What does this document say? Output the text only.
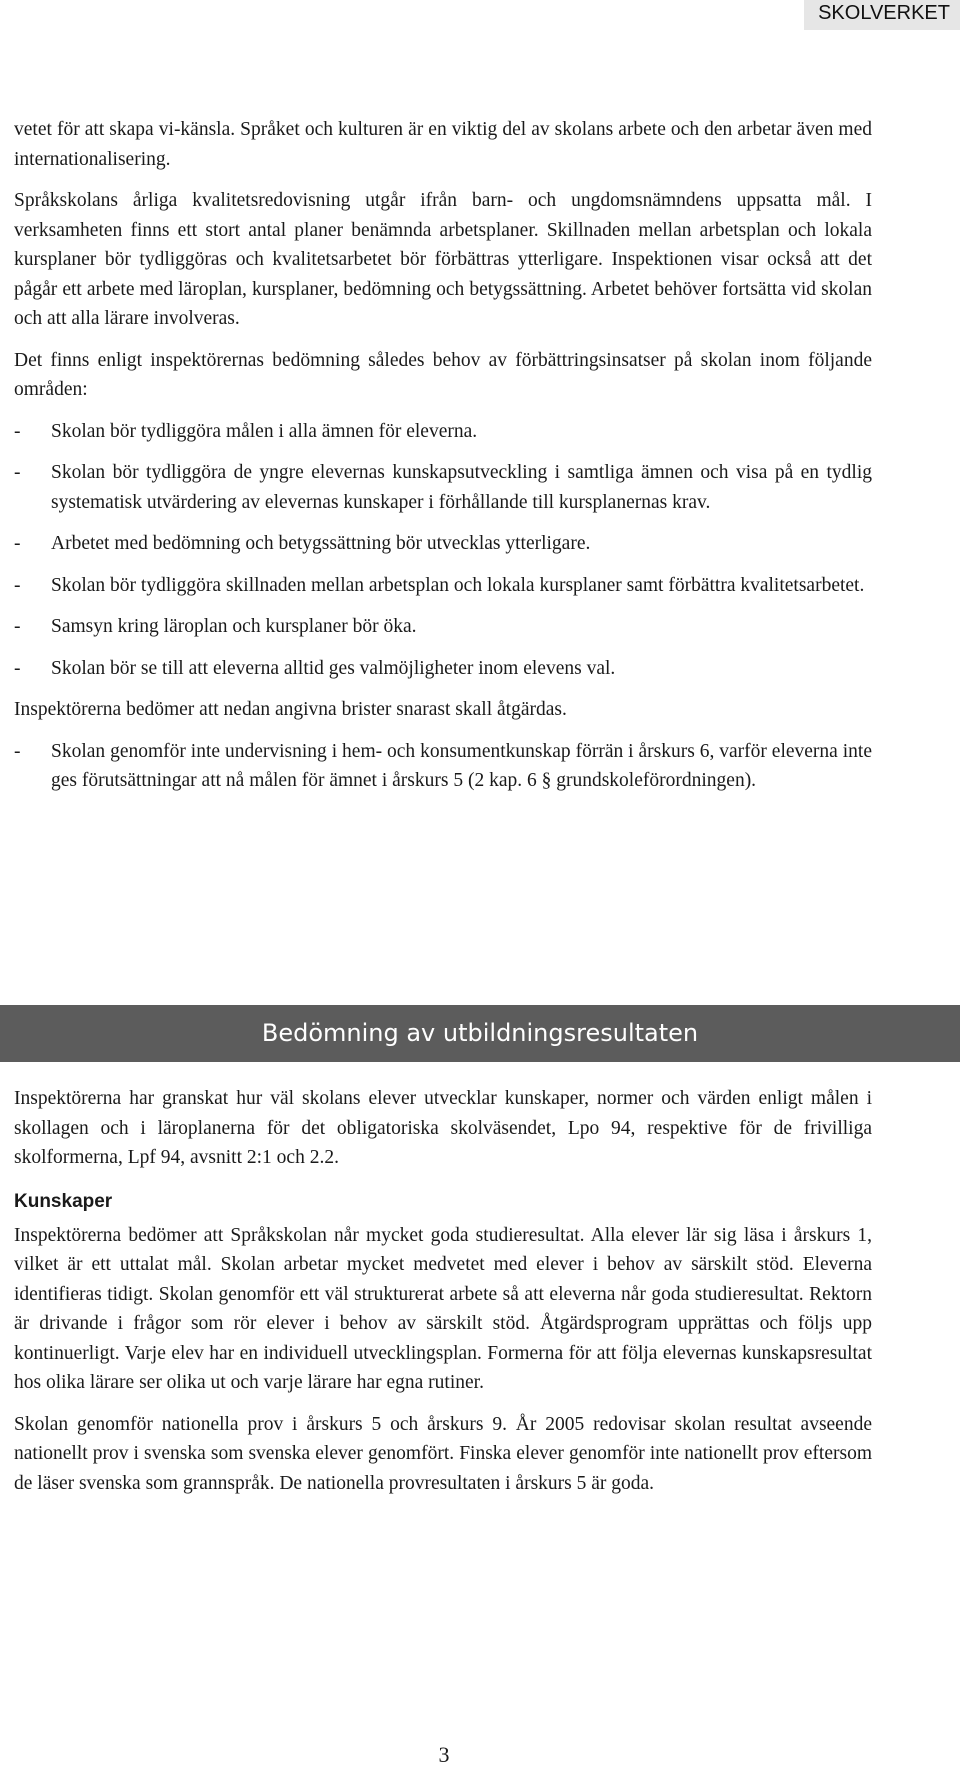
SKOLVERKET

vetet för att skapa vi-känsla. Språket och kulturen är en viktig del av skolans arbete och den arbetar även med internationalisering.

Språkskolans årliga kvalitetsredovisning utgår ifrån barn- och ungdomsnämndens uppsatta mål. I verksamheten finns ett stort antal planer benämnda arbetsplaner. Skillnaden mellan arbetsplan och lokala kursplaner bör tydliggöras och kvalitetsarbetet bör förbättras ytterligare. Inspektionen visar också att det pågår ett arbete med läroplan, kursplaner, bedömning och betygssättning. Arbetet behöver fortsätta vid skolan och att alla lärare involveras.

Det finns enligt inspektörernas bedömning således behov av förbättringsinsatser på skolan inom följande områden:

- Skolan bör tydliggöra målen i alla ämnen för eleverna.
- Skolan bör tydliggöra de yngre elevernas kunskapsutveckling i samtliga ämnen och visa på en tydlig systematisk utvärdering av elevernas kunskaper i förhållande till kursplanernas krav.
- Arbetet med bedömning och betygssättning bör utvecklas ytterligare.
- Skolan bör tydliggöra skillnaden mellan arbetsplan och lokala kursplaner samt förbättra kvalitetsarbetet.
- Samsyn kring läroplan och kursplaner bör öka.
- Skolan bör se till att eleverna alltid ges valmöjligheter inom elevens val.

Inspektörerna bedömer att nedan angivna brister snarast skall åtgärdas.

- Skolan genomför inte undervisning i hem- och konsumentkunskap förrän i årskurs 6, varför eleverna inte ges förutsättningar att nå målen för ämnet i årskurs 5 (2 kap. 6 § grundskoleförordningen).
Bedömning av utbildningsresultaten

Inspektörerna har granskat hur väl skolans elever utvecklar kunskaper, normer och värden enligt målen i skollagen och i läroplanerna för det obligatoriska skolväsendet, Lpo 94, respektive för de frivilliga skolformerna, Lpf 94, avsnitt 2:1 och 2.2.

Kunskaper

Inspektörerna bedömer att Språkskolan når mycket goda studieresultat. Alla elever lär sig läsa i årskurs 1, vilket är ett uttalat mål. Skolan arbetar mycket medvetet med elever i behov av särskilt stöd. Eleverna identifieras tidigt. Skolan genomför ett väl strukturerat arbete så att eleverna når goda studieresultat. Rektorn är drivande i frågor som rör elever i behov av särskilt stöd. Åtgärdsprogram upprättas och följs upp kontinuerligt. Varje elev har en individuell utvecklingsplan. Formerna för att följa elevernas kunskapsresultat hos olika lärare ser olika ut och varje lärare har egna rutiner.

Skolan genomför nationella prov i årskurs 5 och årskurs 9. År 2005 redovisar skolan resultat avseende nationellt prov i svenska som svenska elever genomfört. Finska elever genomför inte nationellt prov eftersom de läser svenska som grannspråk. De nationella provresultaten i årskurs 5 är goda.

3
